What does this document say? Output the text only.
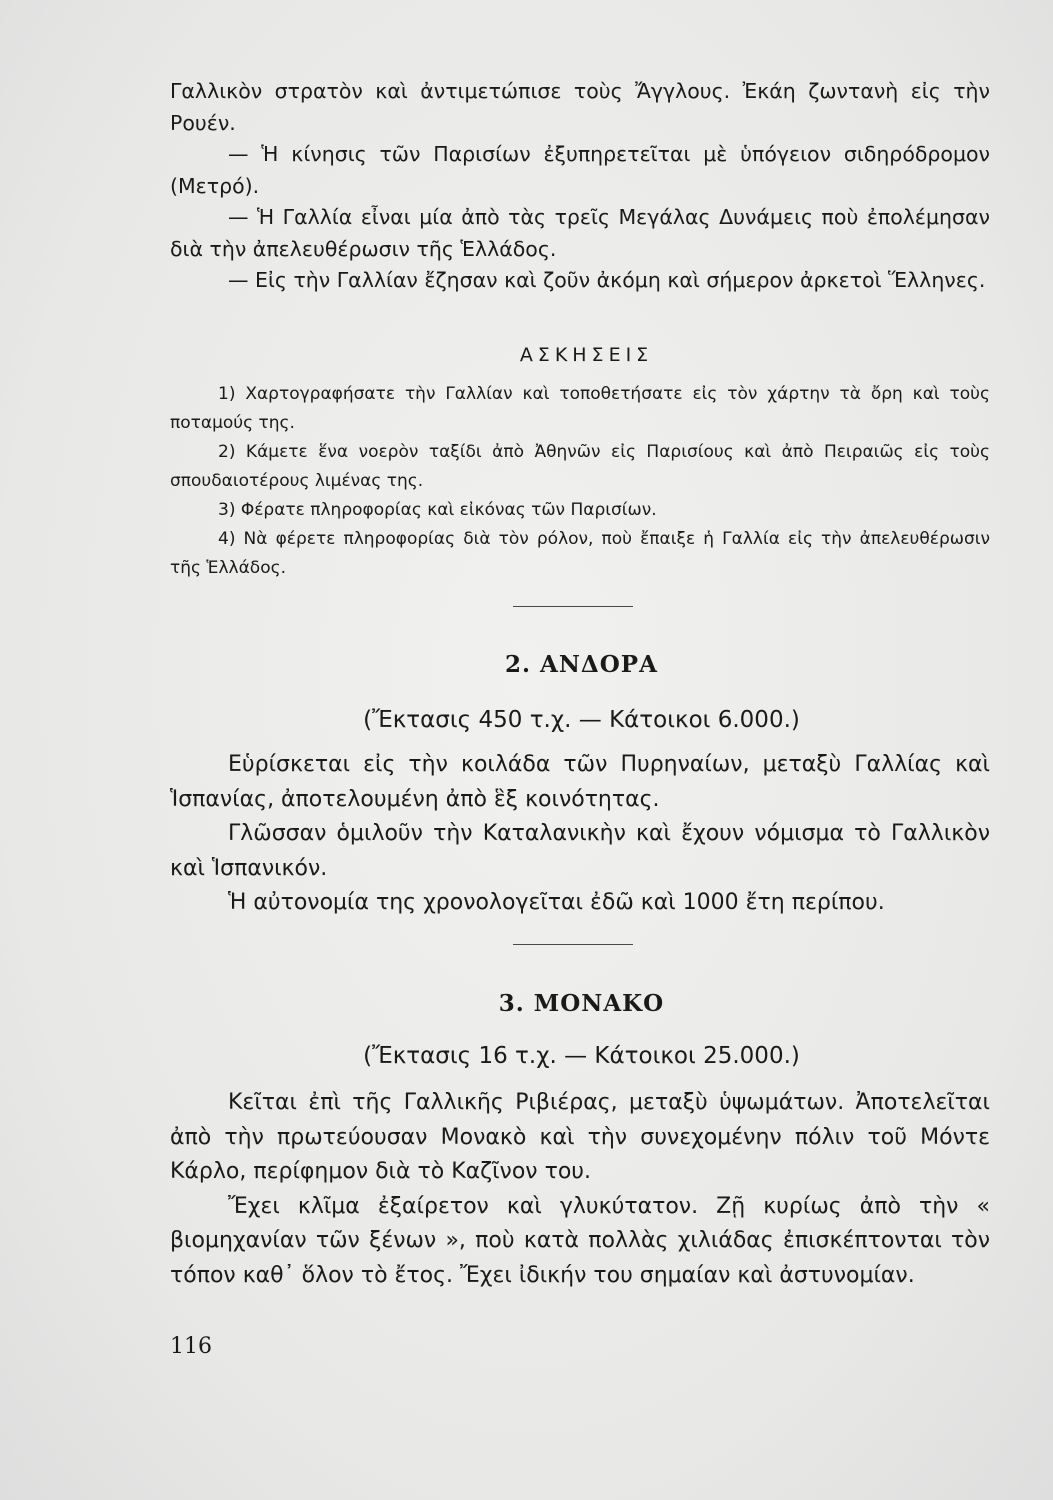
Γαλλικὸν στρατὸν καὶ ἀντιμετώπισε τοὺς Ἄγγλους. Ἐκάη ζωντανὴ εἰς τὴν Ρουέν.

— Ἡ κίνησις τῶν Παρισίων ἐξυπηρετεῖται μὲ ὑπόγειον σιδηρόδρομον (Μετρό).

— Ἡ Γαλλία εἶναι μία ἀπὸ τὰς τρεῖς Μεγάλας Δυνάμεις ποὺ ἐπολέμησαν διὰ τὴν ἀπελευθέρωσιν τῆς Ἑλλάδος.

— Εἰς τὴν Γαλλίαν ἔζησαν καὶ ζοῦν ἀκόμη καὶ σήμερον ἀρκετοὶ Ἕλληνες.

ΑΣΚΗΣΕΙΣ

1) Χαρτογραφήσατε τὴν Γαλλίαν καὶ τοποθετήσατε εἰς τὸν χάρτην τὰ ὄρη καὶ τοὺς ποταμούς της.

2) Κάμετε ἕνα νοερὸν ταξίδι ἀπὸ Ἀθηνῶν εἰς Παρισίους καὶ ἀπὸ Πειραιῶς εἰς τοὺς σπουδαιοτέρους λιμένας της.

3) Φέρατε πληροφορίας καὶ εἰκόνας τῶν Παρισίων.

4) Νὰ φέρετε πληροφορίας διὰ τὸν ρόλον, ποὺ ἔπαιξε ἡ Γαλλία εἰς τὴν ἀπελευθέρωσιν τῆς Ἑλλάδος.

2. ΑΝΔΟΡΑ
(Ἔκτασις 450 τ.χ. — Κάτοικοι 6.000.)

Εὑρίσκεται εἰς τὴν κοιλάδα τῶν Πυρηναίων, μεταξὺ Γαλλίας καὶ Ἱσπανίας, ἀποτελουμένη ἀπὸ ἓξ κοινότητας.

Γλῶσσαν ὁμιλοῦν τὴν Καταλανικὴν καὶ ἔχουν νόμισμα τὸ Γαλλικὸν καὶ Ἱσπανικόν.

Ἡ αὐτονομία της χρονολογεῖται ἐδῶ καὶ 1000 ἔτη περίπου.

3. ΜΟΝΑΚΟ
(Ἔκτασις 16 τ.χ. — Κάτοικοι 25.000.)

Κεῖται ἐπὶ τῆς Γαλλικῆς Ριβιέρας, μεταξὺ ὑψωμάτων. Ἀποτελεῖται ἀπὸ τὴν πρωτεύουσαν Μονακὸ καὶ τὴν συνεχομένην πόλιν τοῦ Μόντε Κάρλο, περίφημον διὰ τὸ Καζῖνον του.

Ἔχει κλῖμα ἐξαίρετον καὶ γλυκύτατον. Ζῇ κυρίως ἀπὸ τὴν « βιομηχανίαν τῶν ξένων », ποὺ κατὰ πολλὰς χιλιάδας ἐπισκέπτονται τὸν τόπον καθ᾽ ὅλον τὸ ἔτος. Ἔχει ἰδικήν του σημαίαν καὶ ἀστυνομίαν.

116
